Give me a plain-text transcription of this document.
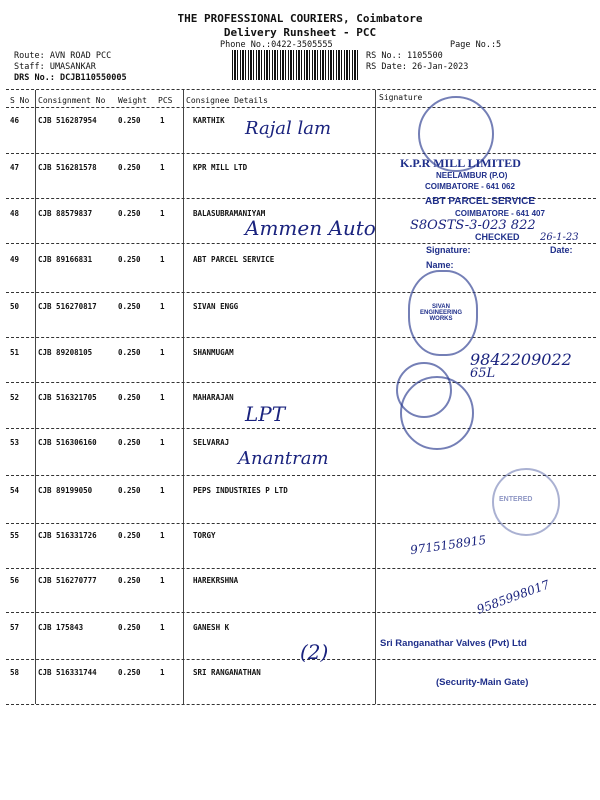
THE PROFESSIONAL COURIERS, Coimbatore
Delivery Runsheet - PCC
Phone No.:0422-3505555	Page No.:5
Route: AVN ROAD PCC
Staff: UMASANKAR
DRS No.: DCJB110550005
RS No.: 1105500
RS Date: 26-Jan-2023
S No Consignment No Weight PCS Consignee Details	Signature
46	CJB 516287954	0.250	1	KARTHIK
47	CJB 516281578	0.250	1	KPR MILL LTD
48	CJB 88579837	0.250	1	BALASUBRAMANIYAM
49	CJB 89166831	0.250	1	ABT PARCEL SERVICE
50	CJB 516270817	0.250	1	SIVAN ENGG
51	CJB 89208105	0.250	1	SHANMUGAM
52	CJB 516321705	0.250	1	MAHARAJAN
53	CJB 516306160	0.250	1	SELVARAJ
54	CJB 89199050	0.250	1	PEPS INDUSTRIES P LTD
55	CJB 516331726	0.250	1	TORGY
56	CJB 516270777	0.250	1	HAREKRSHNA
57	CJB 175843	0.250	1	GANESH K
58	CJB 516331744	0.250	1	SRI RANGANATHAN
Rajal lam
Ammen Auto
LPT
Anantram
(2)
K.P.R MILL LIMITED
NEELAMBUR (P.O)
COIMBATORE - 641 062
ABT PARCEL SERVICE
COIMBATORE - 641 407
S8OSTS-3-023 822
CHECKED 26-1-23
Signature:	Date:
Name:
SIVAN ENGINEERING WORKS
9842209022
65L
ENTERED
9715158915
9585998017
Sri Ranganathar Valves (Pvt) Ltd
(Security-Main Gate)
